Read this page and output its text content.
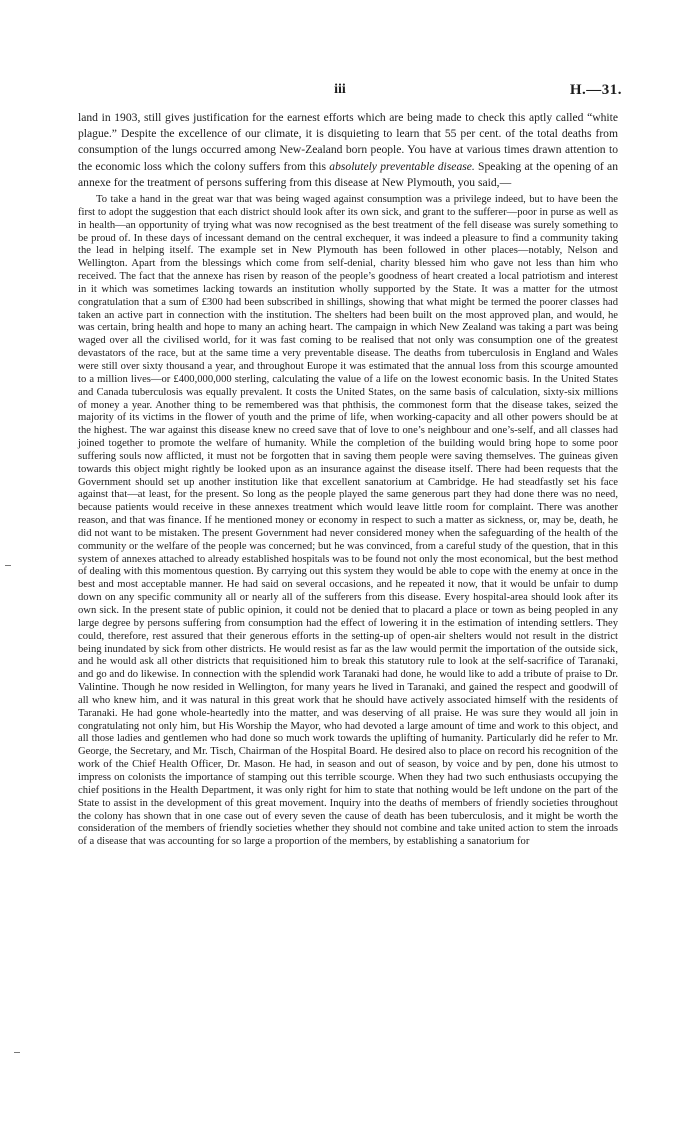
iii	H.—31.

land in 1903, still gives justification for the earnest efforts which are being made to check this aptly called “white plague.” Despite the excellence of our climate, it is disquieting to learn that 55 per cent. of the total deaths from consumption of the lungs occurred among New-Zealand born people. You have at various times drawn attention to the economic loss which the colony suffers from this absolutely preventable disease. Speaking at the opening of an annexe for the treatment of persons suffering from this disease at New Plymouth, you said,—

To take a hand in the great war that was being waged against consumption was a privilege indeed, but to have been the first to adopt the suggestion that each district should look after its own sick, and grant to the sufferer—poor in purse as well as in health—an opportunity of trying what was now recognised as the best treatment of the fell disease was surely something to be proud of. In these days of incessant demand on the central exchequer, it was indeed a pleasure to find a community taking the lead in helping itself. The example set in New Plymouth has been followed in other places—notably, Nelson and Wellington. Apart from the blessings which come from self-denial, charity blessed him who gave not less than him who received. The fact that the annexe has risen by reason of the people’s goodness of heart created a local patriotism and interest in it which was sometimes lacking towards an institution wholly supported by the State. It was a matter for the utmost congratulation that a sum of £300 had been subscribed in shillings, showing that what might be termed the poorer classes had taken an active part in connection with the institution. The shelters had been built on the most approved plan, and would, he was certain, bring health and hope to many an aching heart. The campaign in which New Zealand was taking a part was being waged over all the civilised world, for it was fast coming to be realised that not only was consumption one of the greatest devastators of the race, but at the same time a very preventable disease. The deaths from tuberculosis in England and Wales were still over sixty thousand a year, and throughout Europe it was estimated that the annual loss from this scourge amounted to a million lives—or £400,000,000 sterling, calculating the value of a life on the lowest economic basis. In the United States and Canada tuberculosis was equally prevalent. It costs the United States, on the same basis of calculation, sixty-six millions of money a year. Another thing to be remembered was that phthisis, the commonest form that the disease takes, seized the majority of its victims in the flower of youth and the prime of life, when working-capacity and all other powers should be at the highest. The war against this disease knew no creed save that of love to one’s neighbour and one’s-self, and all classes had joined together to promote the welfare of humanity. While the completion of the building would bring hope to some poor suffering souls now afflicted, it must not be forgotten that in saving them people were saving themselves. The guineas given towards this object might rightly be looked upon as an insurance against the disease itself. There had been requests that the Government should set up another institution like that excellent sanatorium at Cambridge. He had steadfastly set his face against that—at least, for the present. So long as the people played the same generous part they had done there was no need, because patients would receive in these annexes treatment which would leave little room for complaint. There was another reason, and that was finance. If he mentioned money or economy in respect to such a matter as sickness, or, may be, death, he did not want to be mistaken. The present Government had never considered money when the safeguarding of the health of the community or the welfare of the people was concerned; but he was convinced, from a careful study of the question, that in this system of annexes attached to already established hospitals was to be found not only the most economical, but the best method of dealing with this momentous question. By carrying out this system they would be able to cope with the enemy at once in the best and most acceptable manner. He had said on several occasions, and he repeated it now, that it would be unfair to dump down on any specific community all or nearly all of the sufferers from this disease. Every hospital-area should look after its own sick. In the present state of public opinion, it could not be denied that to placard a place or town as being peopled in any large degree by persons suffering from consumption had the effect of lowering it in the estimation of intending settlers. They could, therefore, rest assured that their generous efforts in the setting-up of open-air shelters would not result in the district being inundated by sick from other districts. He would resist as far as the law would permit the importation of the outside sick, and he would ask all other districts that requisitioned him to break this statutory rule to look at the self-sacrifice of Taranaki, and go and do likewise. In connection with the splendid work Taranaki had done, he would like to add a tribute of praise to Dr. Valintine. Though he now resided in Wellington, for many years he lived in Taranaki, and gained the respect and goodwill of all who knew him, and it was natural in this great work that he should have actively associated himself with the residents of Taranaki. He had gone whole-heartedly into the matter, and was deserving of all praise. He was sure they would all join in congratulating not only him, but His Worship the Mayor, who had devoted a large amount of time and work to this object, and all those ladies and gentlemen who had done so much work towards the uplifting of humanity. Particularly did he refer to Mr. George, the Secretary, and Mr. Tisch, Chairman of the Hospital Board. He desired also to place on record his recognition of the work of the Chief Health Officer, Dr. Mason. He had, in season and out of season, by voice and by pen, done his utmost to impress on colonists the importance of stamping out this terrible scourge. When they had two such enthusiasts occupying the chief positions in the Health Department, it was only right for him to state that nothing would be left undone on the part of the State to assist in the development of this great movement. Inquiry into the deaths of members of friendly societies throughout the colony has shown that in one case out of every seven the cause of death has been tuberculosis, and it might be worth the consideration of the members of friendly societies whether they should not combine and take united action to stem the inroads of a disease that was accounting for so large a proportion of the members, by establishing a sanatorium for
